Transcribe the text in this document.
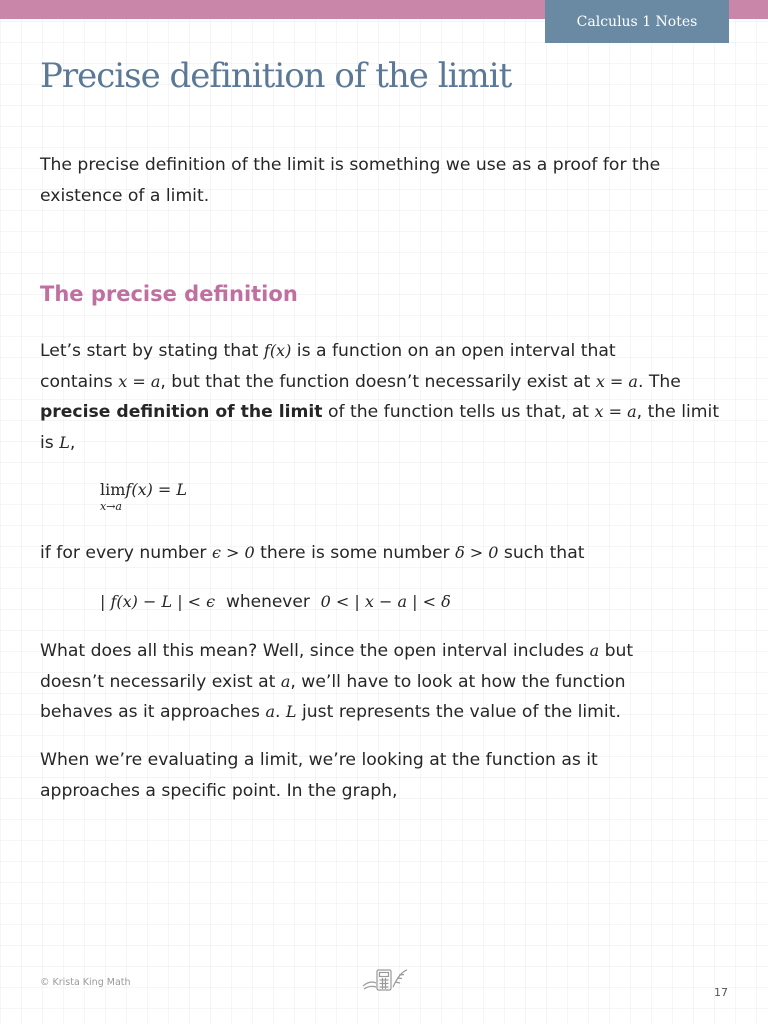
Calculus 1 Notes
Precise definition of the limit

The precise definition of the limit is something we use as a proof for the
existence of a limit.

The precise definition

Let’s start by stating that f(x) is a function on an open interval that
contains x = a, but that the function doesn’t necessarily exist at x = a. The
precise definition of the limit of the function tells us that, at x = a, the limit
is L,

limf(x) = L
x→a

if for every number ϵ > 0 there is some number δ > 0 such that

| f(x) − L | < ϵ whenever 0 < | x − a | < δ

What does all this mean? Well, since the open interval includes a but
doesn’t necessarily exist at a, we’ll have to look at how the function
behaves as it approaches a. L just represents the value of the limit.

When we’re evaluating a limit, we’re looking at the function as it
approaches a specific point. In the graph,

© Krista King Math
17
